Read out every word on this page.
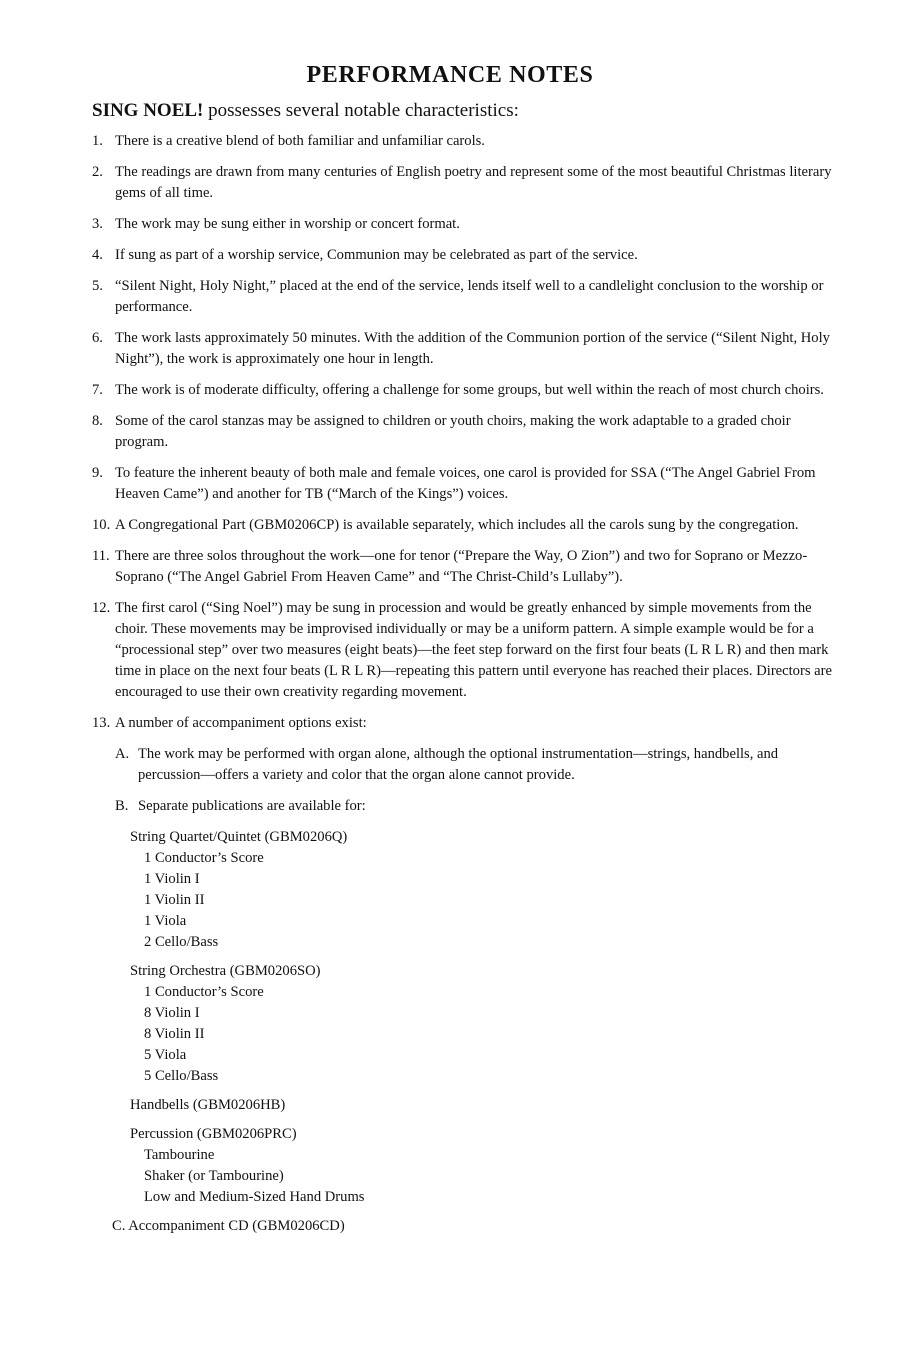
PERFORMANCE NOTES
SING NOEL! possesses several notable characteristics:
1. There is a creative blend of both familiar and unfamiliar carols.
2. The readings are drawn from many centuries of English poetry and represent some of the most beautiful Christmas literary gems of all time.
3. The work may be sung either in worship or concert format.
4. If sung as part of a worship service, Communion may be celebrated as part of the service.
5. “Silent Night, Holy Night,” placed at the end of the service, lends itself well to a candlelight conclusion to the worship or performance.
6. The work lasts approximately 50 minutes. With the addition of the Communion portion of the service (“Silent Night, Holy Night”), the work is approximately one hour in length.
7. The work is of moderate difficulty, offering a challenge for some groups, but well within the reach of most church choirs.
8. Some of the carol stanzas may be assigned to children or youth choirs, making the work adaptable to a graded choir program.
9. To feature the inherent beauty of both male and female voices, one carol is provided for SSA (“The Angel Gabriel From Heaven Came”) and another for TB (“March of the Kings”) voices.
10. A Congregational Part (GBM0206CP) is available separately, which includes all the carols sung by the congregation.
11. There are three solos throughout the work—one for tenor (“Prepare the Way, O Zion”) and two for Soprano or Mezzo-Soprano (“The Angel Gabriel From Heaven Came” and “The Christ-Child’s Lullaby”).
12. The first carol (“Sing Noel”) may be sung in procession and would be greatly enhanced by simple movements from the choir. These movements may be improvised individually or may be a uniform pattern. A simple example would be for a “processional step” over two measures (eight beats)—the feet step forward on the first four beats (L R L R) and then mark time in place on the next four beats (L R L R)—repeating this pattern until everyone has reached their places. Directors are encouraged to use their own creativity regarding movement.
13. A number of accompaniment options exist:
A. The work may be performed with organ alone, although the optional instrumentation—strings, handbells, and percussion—offers a variety and color that the organ alone cannot provide.
B. Separate publications are available for:
String Quartet/Quintet (GBM0206Q)
1 Conductor’s Score
1 Violin I
1 Violin II
1 Viola
2 Cello/Bass
String Orchestra (GBM0206SO)
1 Conductor’s Score
8 Violin I
8 Violin II
5 Viola
5 Cello/Bass
Handbells (GBM0206HB)
Percussion (GBM0206PRC)
Tambourine
Shaker (or Tambourine)
Low and Medium-Sized Hand Drums
C. Accompaniment CD (GBM0206CD)
